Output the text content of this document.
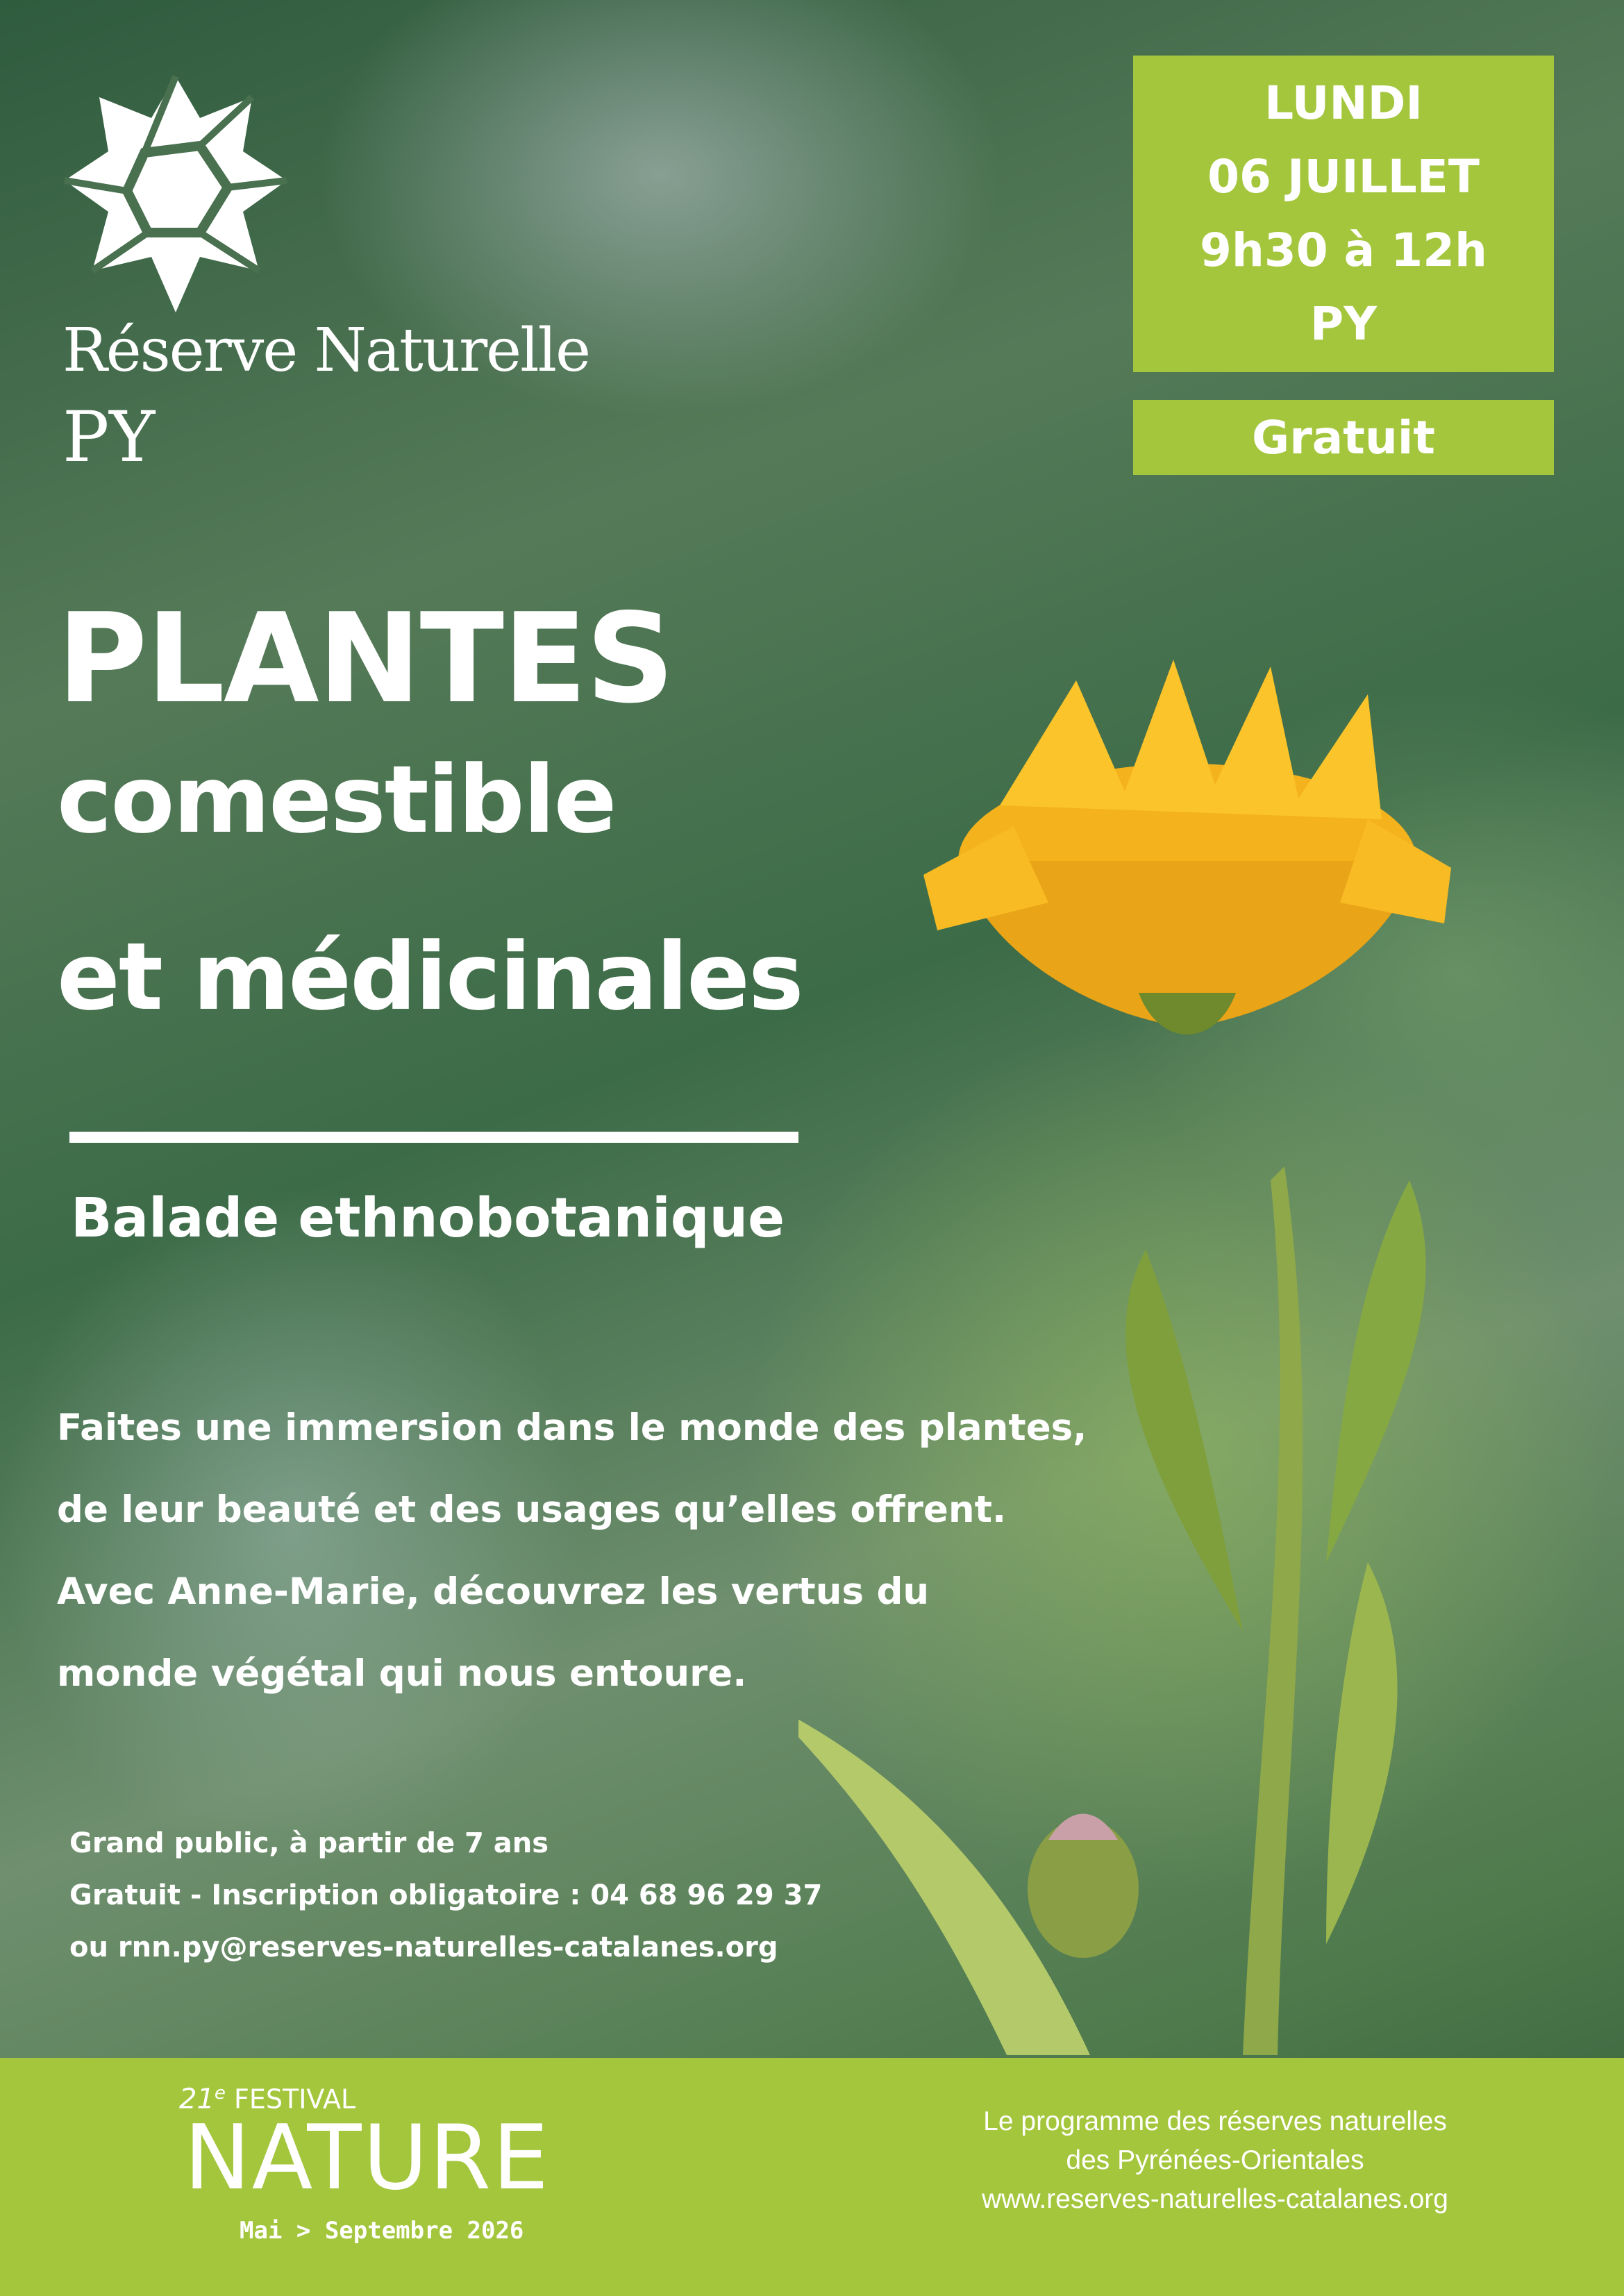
Réserve Naturelle
PY
LUNDI
06 JUILLET
9h30 à 12h
PY
Gratuit
PLANTES
comestible
et médicinales
Balade ethnobotanique
Faites une immersion dans le monde des plantes,
de leur beauté et des usages qu’elles offrent.
Avec Anne-Marie, découvrez les vertus du
monde végétal qui nous entoure.
Grand public, à partir de 7 ans
Gratuit - Inscription obligatoire : 04 68 96 29 37
ou rnn.py@reserves-naturelles-catalanes.org
21e FESTIVAL
NATURE
Mai > Septembre 2026
Le programme des réserves naturelles
des Pyrénées-Orientales
www.reserves-naturelles-catalanes.org
